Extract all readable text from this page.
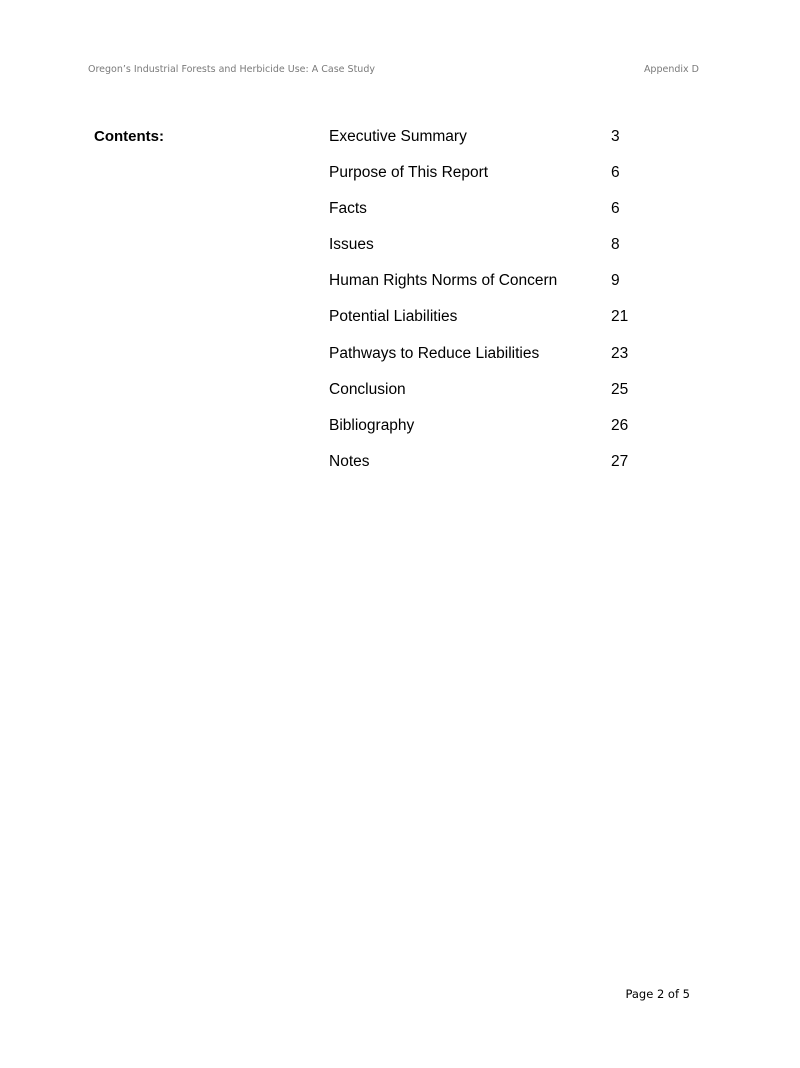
Oregon’s Industrial Forests and Herbicide Use: A Case Study	Appendix D
Contents:	Executive Summary	3
Purpose of This Report	6
Facts	6
Issues	8
Human Rights Norms of Concern	9
Potential Liabilities	21
Pathways to Reduce Liabilities	23
Conclusion	25
Bibliography	26
Notes	27
Page 2 of 5
